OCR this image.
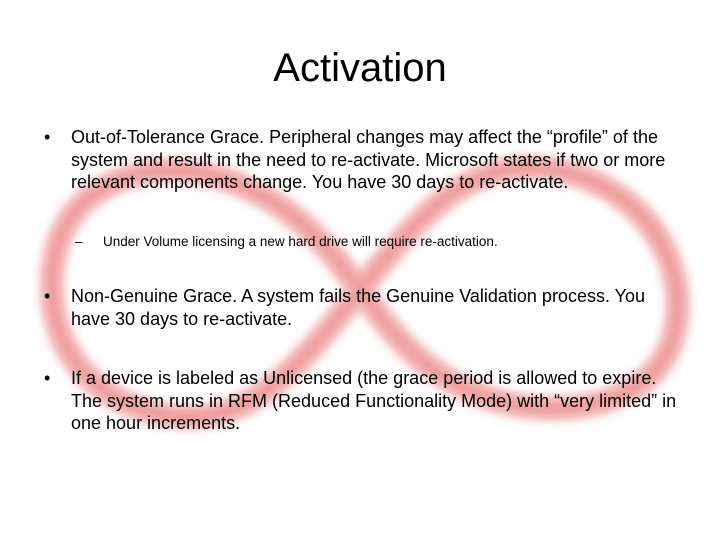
Activation
•	Out-of-Tolerance Grace. Peripheral changes may affect the “profile” of the system and result in the need to re-activate. Microsoft states if two or more relevant components change. You have 30 days to re-activate.
– Under Volume licensing a new hard drive will require re-activation.
•	Non-Genuine Grace. A system fails the Genuine Validation process. You have 30 days to re-activate.
•	If a device is labeled as Unlicensed (the grace period is allowed to expire. The system runs in RFM (Reduced Functionality Mode) with “very limited” in one hour increments.
